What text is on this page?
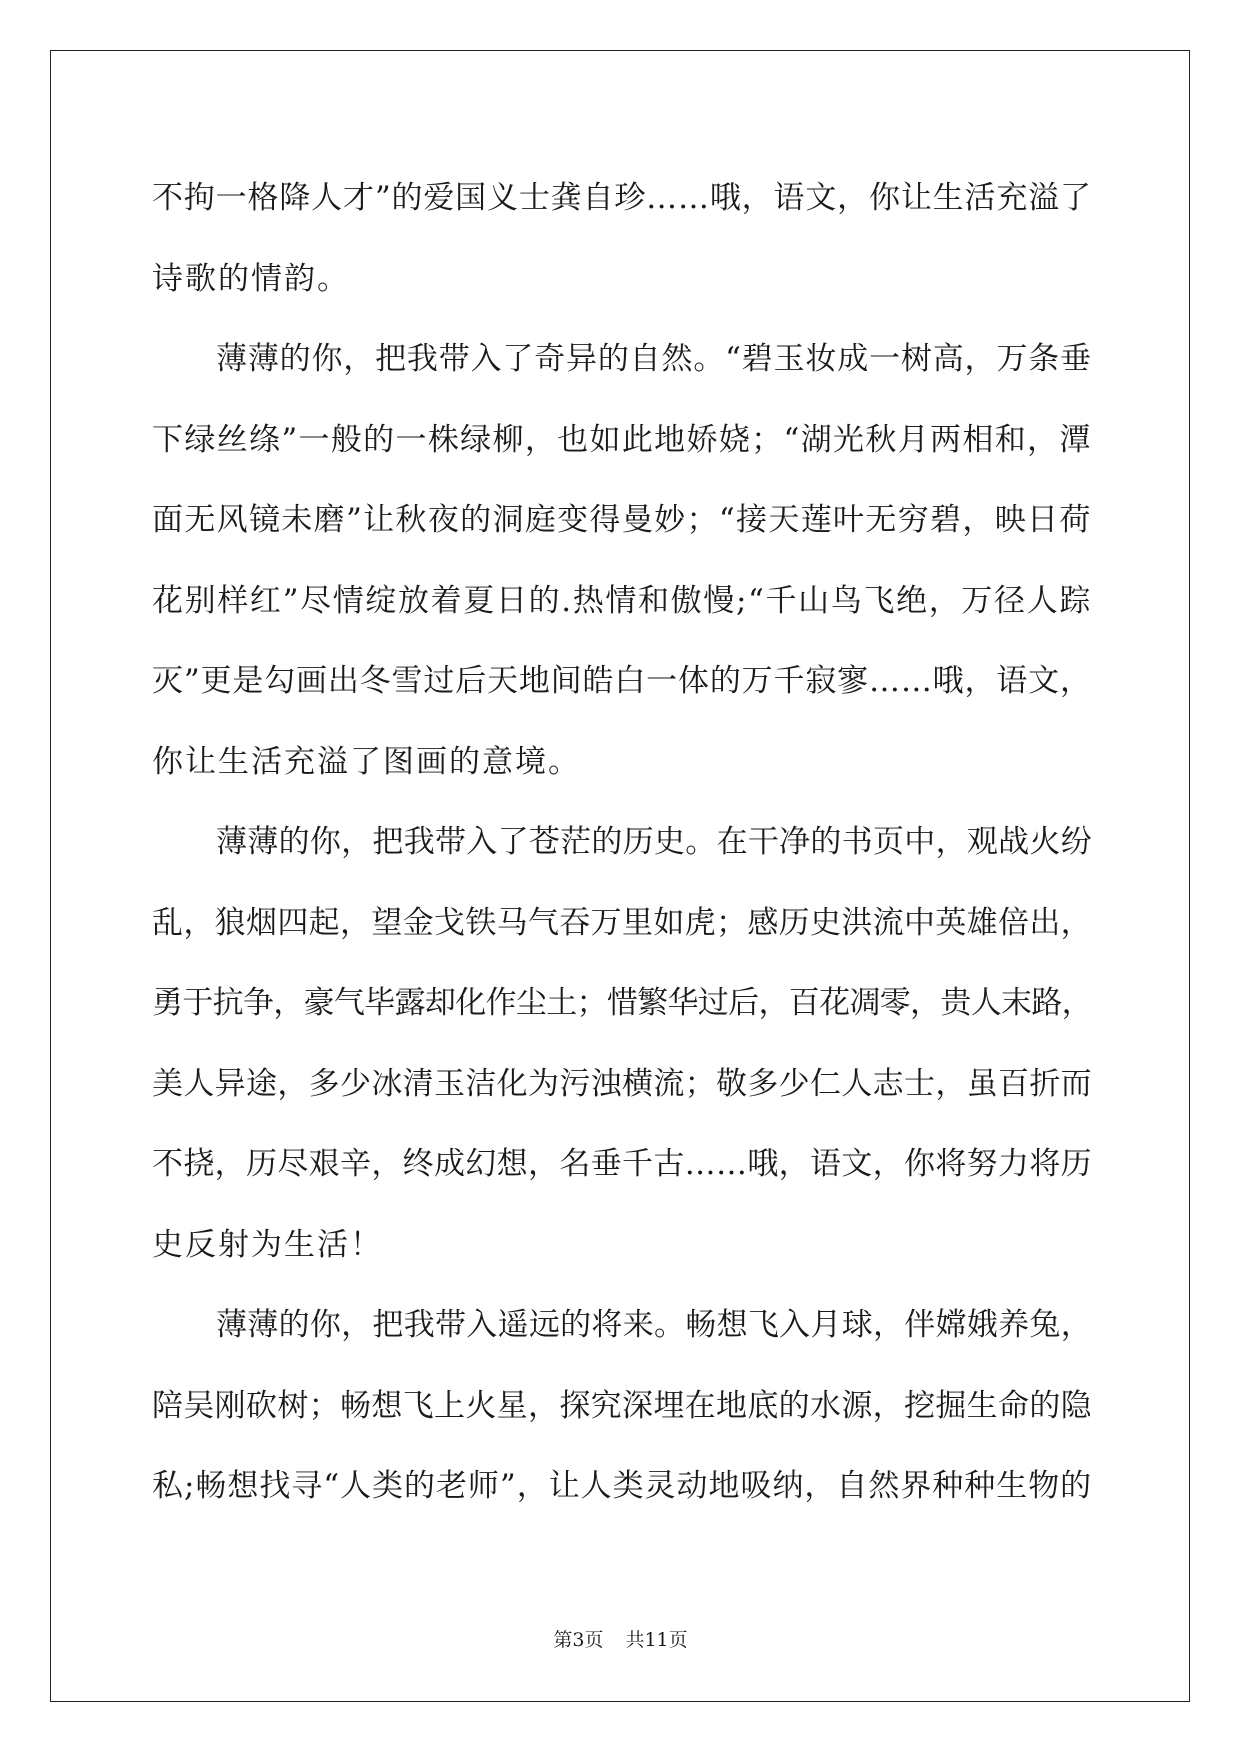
不拘一格降人才”的爱国义士龚自珍……哦，语文，你让生活充溢了
诗歌的情韵。
薄薄的你，把我带入了奇异的自然。“碧玉妆成一树高，万条垂
下绿丝绦”一般的一株绿柳，也如此地娇娆；“湖光秋月两相和，潭
面无风镜未磨”让秋夜的洞庭变得曼妙；“接天莲叶无穷碧，映日荷
花别样红”尽情绽放着夏日的.热情和傲慢;“千山鸟飞绝，万径人踪
灭”更是勾画出冬雪过后天地间皓白一体的万千寂寥……哦，语文，
你让生活充溢了图画的意境。
薄薄的你，把我带入了苍茫的历史。在干净的书页中，观战火纷
乱，狼烟四起，望金戈铁马气吞万里如虎；感历史洪流中英雄倍出，
勇于抗争，豪气毕露却化作尘土；惜繁华过后，百花凋零，贵人末路，
美人异途，多少冰清玉洁化为污浊横流；敬多少仁人志士，虽百折而
不挠，历尽艰辛，终成幻想，名垂千古……哦，语文，你将努力将历
史反射为生活！
薄薄的你，把我带入遥远的将来。畅想飞入月球，伴嫦娥养兔，
陪吴刚砍树；畅想飞上火星，探究深埋在地底的水源，挖掘生命的隐
私;畅想找寻“人类的老师”，让人类灵动地吸纳，自然界种种生物的
第3页 共11页
